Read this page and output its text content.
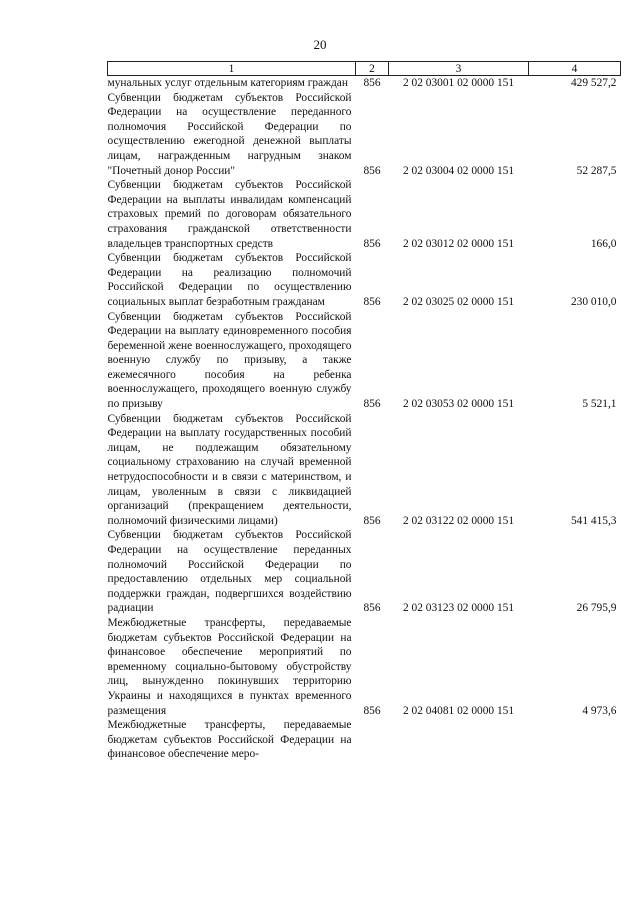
20
1	2	3	4
мунальных услуг отдельным категориям граждан	856	2 02 03001 02 0000 151	429 527,2
Субвенции бюджетам субъектов Российской Федерации на осуществление переданного полномочия Российской Федерации по осуществлению ежегодной денежной выплаты лицам, награжденным нагрудным знаком "Почетный донор России"	856	2 02 03004 02 0000 151	52 287,5
Субвенции бюджетам субъектов Российской Федерации на выплаты инвалидам компенсаций страховых премий по договорам обязательного страхования гражданской ответственности владельцев транспортных средств	856	2 02 03012 02 0000 151	166,0
Субвенции бюджетам субъектов Российской Федерации на реализацию полномочий Российской Федерации по осуществлению социальных выплат безработным гражданам	856	2 02 03025 02 0000 151	230 010,0
Субвенции бюджетам субъектов Российской Федерации на выплату единовременного пособия беременной жене военнослужащего, проходящего военную службу по призыву, а также ежемесячного пособия на ребенка военнослужащего, проходящего военную службу по призыву	856	2 02 03053 02 0000 151	5 521,1
Субвенции бюджетам субъектов Российской Федерации на выплату государственных пособий лицам, не подлежащим обязательному социальному страхованию на случай временной нетрудоспособности и в связи с материнством, и лицам, уволенным в связи с ликвидацией организаций (прекращением деятельности, полномочий физическими лицами)	856	2 02 03122 02 0000 151	541 415,3
Субвенции бюджетам субъектов Российской Федерации на осуществление переданных полномочий Российской Федерации по предоставлению отдельных мер социальной поддержки граждан, подвергшихся воздействию радиации	856	2 02 03123 02 0000 151	26 795,9
Межбюджетные трансферты, передаваемые бюджетам субъектов Российской Федерации на финансовое обеспечение мероприятий по временному социально-бытовому обустройству лиц, вынужденно покинувших территорию Украины и находящихся в пунктах временного размещения	856	2 02 04081 02 0000 151	4 973,6
Межбюджетные трансферты, передаваемые бюджетам субъектов Российской Федерации на финансовое обеспечение меро-			
